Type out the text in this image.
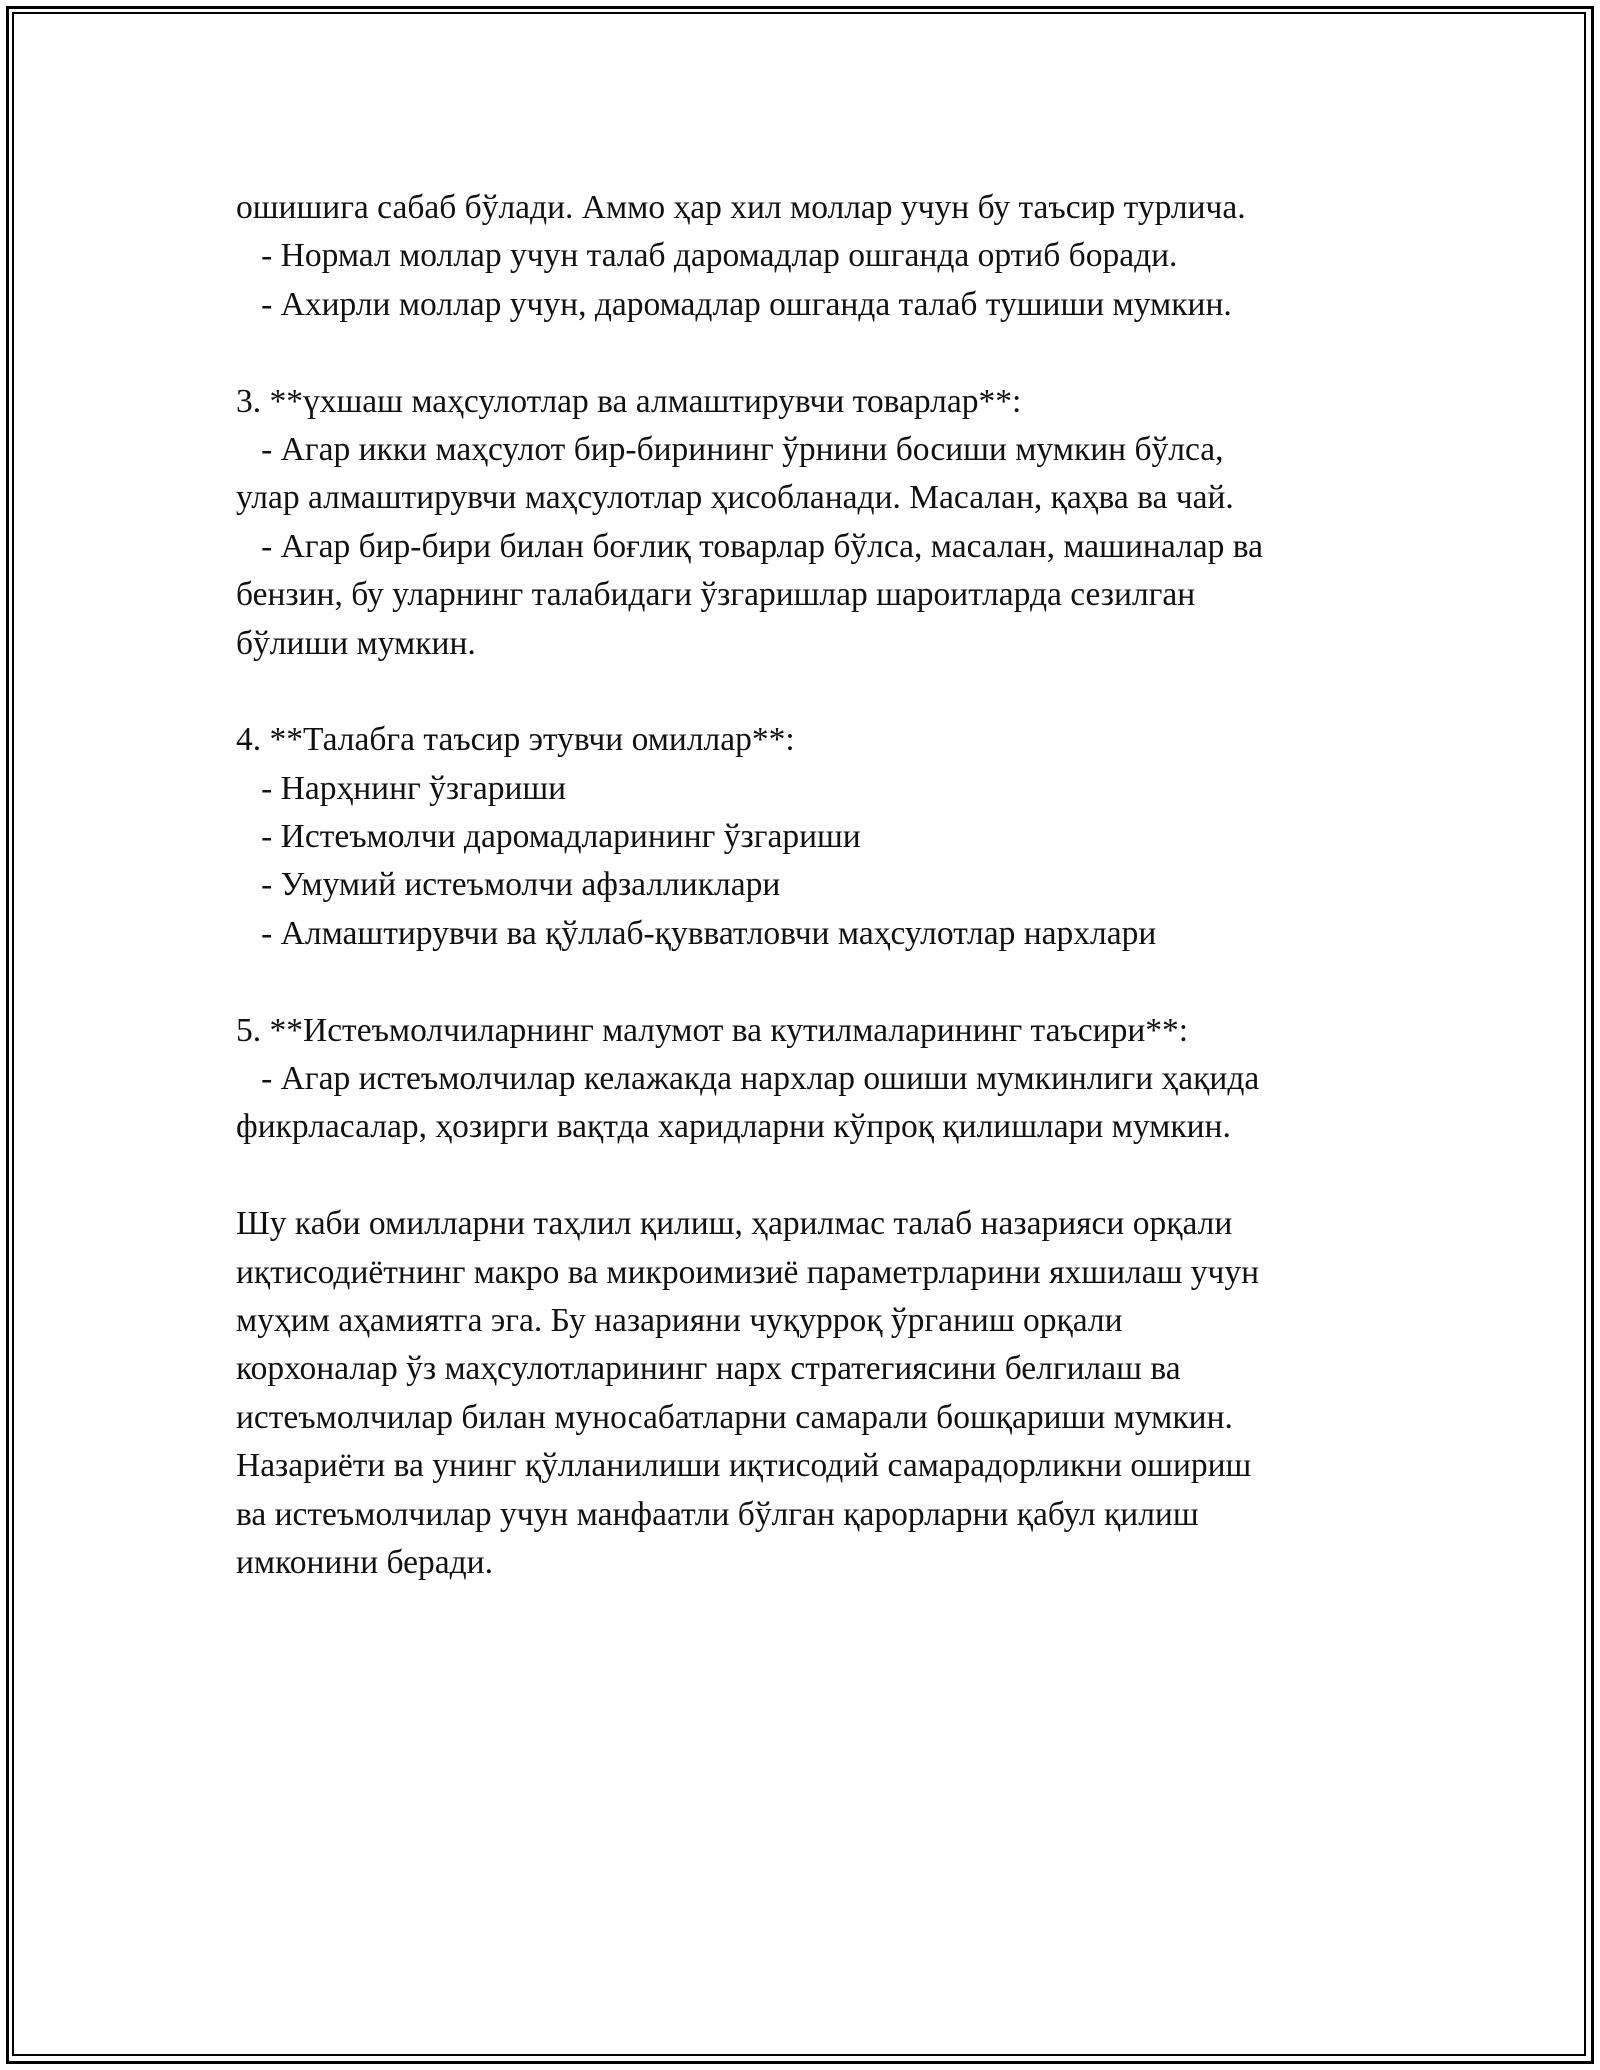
ошишига сабаб бўлади. Аммо ҳар хил моллар учун бу таъсир турлича.
- Нормал моллар учун талаб даромадлар ошганда ортиб боради.
- Ахирли моллар учун, даромадлар ошганда талаб тушиши мумкин.
3. **үхшаш маҳсулотлар ва алмаштирувчи товарлар**:
- Агар икки маҳсулот бир-бирининг ўрнини босиши мумкин бўлса,
улар алмаштирувчи маҳсулотлар ҳисобланади. Масалан, қаҳва ва чай.
- Агар бир-бири билан боғлиқ товарлар бўлса, масалан, машиналар ва
бензин, бу уларнинг талабидаги ўзгаришлар шароитларда сезилган
бўлиши мумкин.
4. **Талабга таъсир этувчи омиллар**:
- Нарҳнинг ўзгариши
- Истеъмолчи даромадларининг ўзгариши
- Умумий истеъмолчи афзалликлари
- Алмаштирувчи ва қўллаб-қувватловчи маҳсулотлар нархлари
5. **Истеъмолчиларнинг малумот ва кутилмаларининг таъсири**:
- Агар истеъмолчилар келажакда нархлар ошиши мумкинлиги ҳақида
фикрласалар, ҳозирги вақтда харидларни кўпроқ қилишлари мумкин.
Шу каби омилларни таҳлил қилиш, ҳарилмас талаб назарияси орқали
иқтисодиётнинг макро ва микроимизиё параметрларини яхшилаш учун
муҳим аҳамиятга эга. Бу назарияни чуқурроқ ўрганиш орқали
корхоналар ўз маҳсулотларининг нарх стратегиясини белгилаш ва
истеъмолчилар билан муносабатларни самарали бошқариши мумкин.
Назариёти ва унинг қўлланилиши иқтисодий самарадорликни ошириш
ва истеъмолчилар учун манфаатли бўлган қарорларни қабул қилиш
имконини беради.
